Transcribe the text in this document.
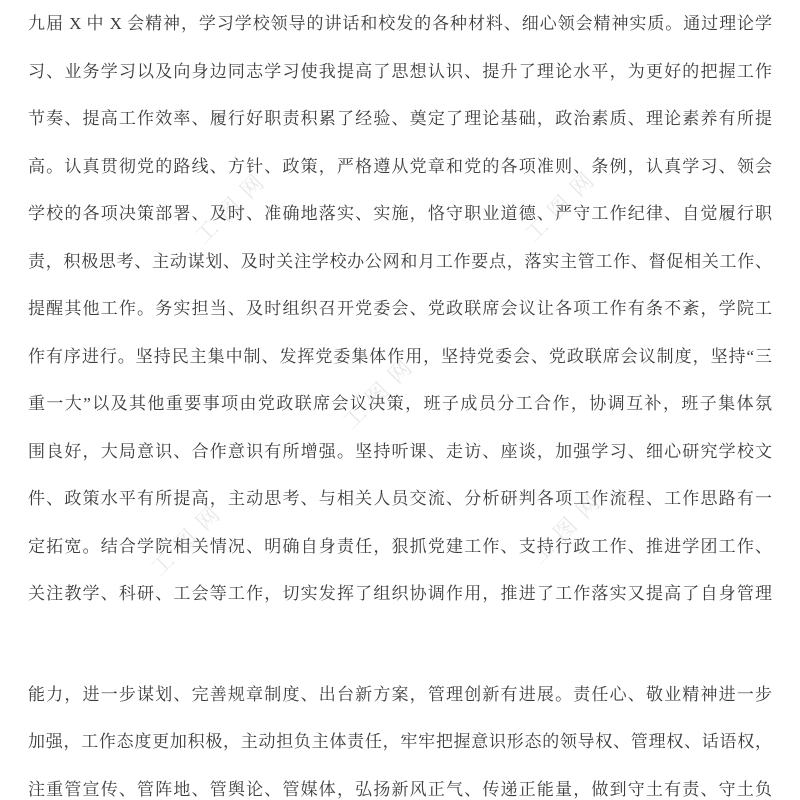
工图网	工图网
工图网
工图网	工图网
九届 X 中 X 会精神，学习学校领导的讲话和校发的各种材料、细心领会精神实质。通过理论学
习、业务学习以及向身边同志学习使我提高了思想认识、提升了理论水平，为更好的把握工作
节奏、提高工作效率、履行好职责积累了经验、奠定了理论基础，政治素质、理论素养有所提
高。认真贯彻党的路线、方针、政策，严格遵从党章和党的各项准则、条例，认真学习、领会
学校的各项决策部署、及时、准确地落实、实施，恪守职业道德、严守工作纪律、自觉履行职
责，积极思考、主动谋划、及时关注学校办公网和月工作要点，落实主管工作、督促相关工作、
提醒其他工作。务实担当、及时组织召开党委会、党政联席会议让各项工作有条不紊，学院工
作有序进行。坚持民主集中制、发挥党委集体作用，坚持党委会、党政联席会议制度，坚持“三
重一大”以及其他重要事项由党政联席会议决策，班子成员分工合作，协调互补，班子集体氛
围良好，大局意识、合作意识有所增强。坚持听课、走访、座谈，加强学习、细心研究学校文
件、政策水平有所提高，主动思考、与相关人员交流、分析研判各项工作流程、工作思路有一
定拓宽。结合学院相关情况、明确自身责任，狠抓党建工作、支持行政工作、推进学团工作、
关注教学、科研、工会等工作，切实发挥了组织协调作用，推进了工作落实又提高了自身管理
能力，进一步谋划、完善规章制度、出台新方案，管理创新有进展。责任心、敬业精神进一步
加强，工作态度更加积极，主动担负主体责任，牢牢把握意识形态的领导权、管理权、话语权，
注重管宣传、管阵地、管舆论、管媒体，弘扬新风正气、传递正能量，做到守土有责、守土负
